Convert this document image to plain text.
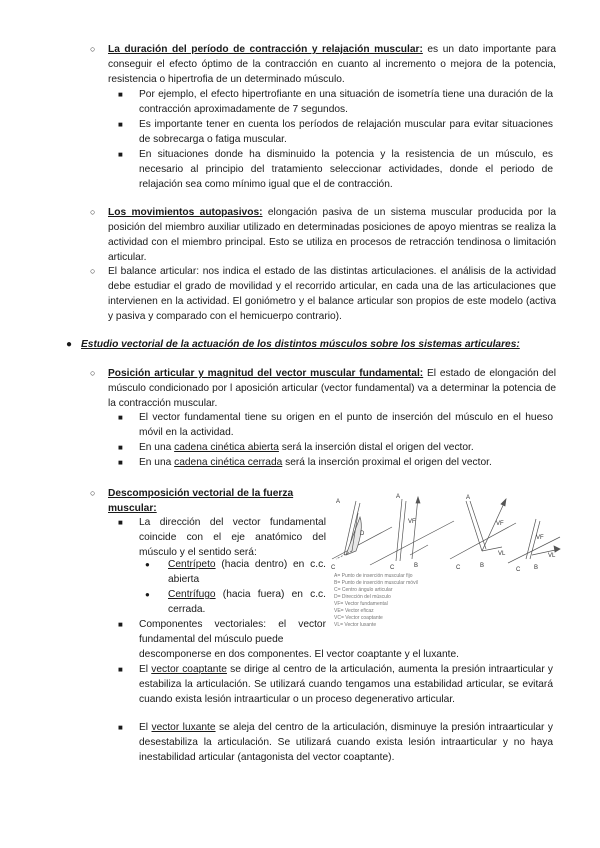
○ La duración del período de contracción y relajación muscular: es un dato importante para conseguir el efecto óptimo de la contracción en cuanto al incremento o mejora de la potencia, resistencia o hipertrofia de un determinado músculo.
■ Por ejemplo, el efecto hipertrofiante en una situación de isometría tiene una duración de la contracción aproximadamente de 7 segundos.
■ Es importante tener en cuenta los períodos de relajación muscular para evitar situaciones de sobrecarga o fatiga muscular.
■ En situaciones donde ha disminuido la potencia y la resistencia de un músculo, es necesario al principio del tratamiento seleccionar actividades, donde el periodo de relajación sea como mínimo igual que el de contracción.
○ Los movimientos autopasivos: elongación pasiva de un sistema muscular producida por la posición del miembro auxiliar utilizado en determinadas posiciones de apoyo mientras se realiza la actividad con el miembro principal. Esto se utiliza en procesos de retracción tendinosa o limitación articular.
○ El balance articular: nos indica el estado de las distintas articulaciones. el análisis de la actividad debe estudiar el grado de movilidad y el recorrido articular, en cada una de las articulaciones que intervienen en la actividad. El goniómetro y el balance articular son propios de este modelo (activa y pasiva y comparado con el hemicuerpo contrario).
● Estudio vectorial de la actuación de los distintos músculos sobre los sistemas articulares:
○ Posición articular y magnitud del vector muscular fundamental: El estado de elongación del músculo condicionado por l aposición articular (vector fundamental) va a determinar la potencia de la contracción muscular.
■ El vector fundamental tiene su origen en el punto de inserción del músculo en el hueso móvil en la actividad.
■ En una cadena cinética abierta será la inserción distal el origen del vector.
■ En una cadena cinética cerrada será la inserción proximal el origen del vector.
○ Descomposición vectorial de la fuerza muscular:
■ La dirección del vector fundamental coincide con el eje anatómico del músculo y el sentido será:
● Centrípeto (hacia dentro) en c.c. abierta
● Centrífugo (hacia fuera) en c.c. cerrada.
■ Componentes vectoriales: el vector fundamental del músculo puede
descomponerse en dos componentes. El vector coaptante y el luxante.
■ El vector coaptante se dirige al centro de la articulación, aumenta la presión intraarticular y estabiliza la articulación. Se utilizará cuando tengamos una estabilidad articular, se evitará cuando exista lesión intraarticular o un proceso degenerativo articular.
■ El vector luxante se aleja del centro de la articulación, disminuye la presión intraarticular y desestabiliza la articulación. Se utilizará cuando exista lesión intraarticular y no haya inestabilidad articular (antagonista del vector coaptante).
A
D
C
A
VF
C	B
A
VF
VL
C	B
VF
VL
C B
A= Punto de inserción muscular fijo
B= Punto de inserción muscular móvil
C= Centro ángulo articular
D= Dirección del músculo
VF= Vector fundamental
VE= Vector eficaz
VC= Vector coaptante
VL= Vector luxante
